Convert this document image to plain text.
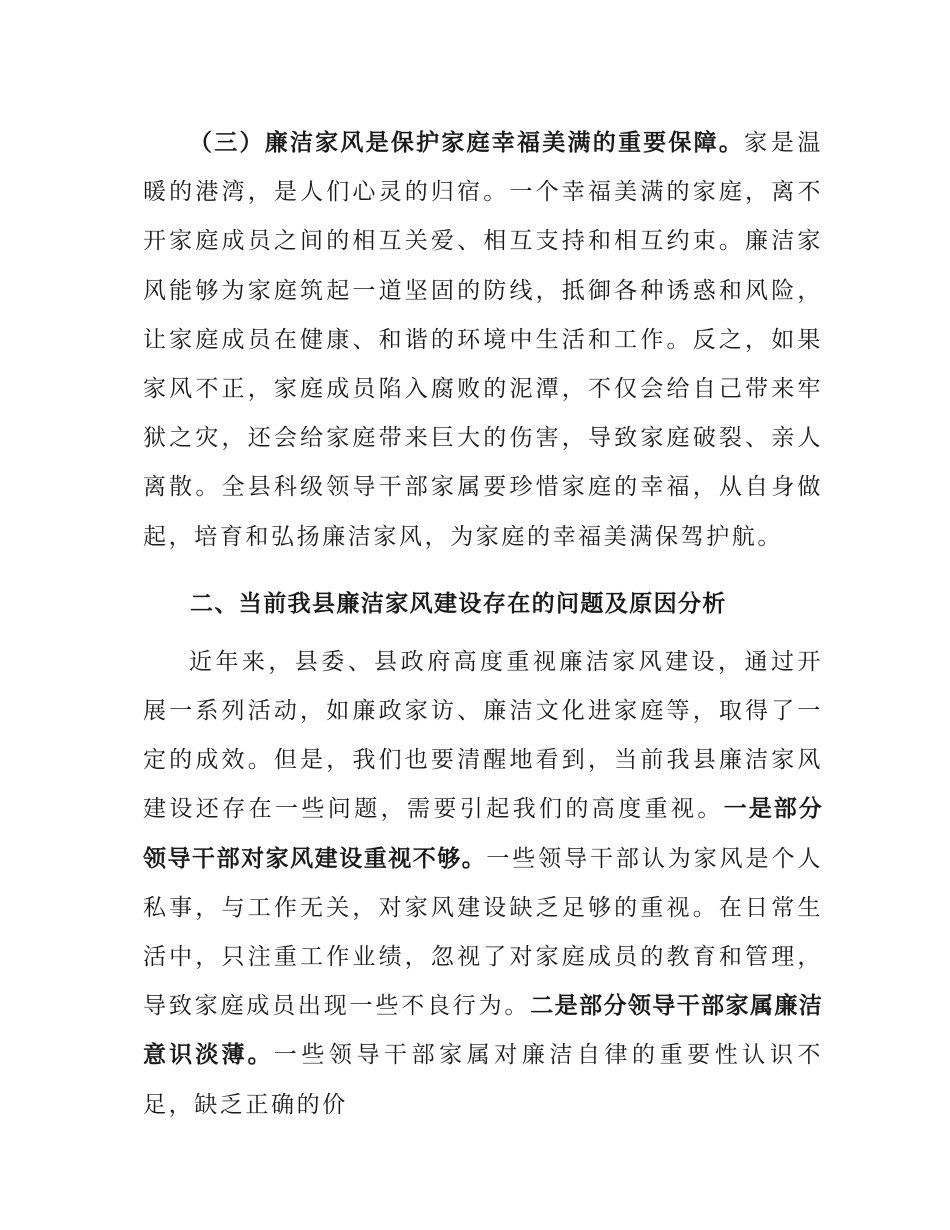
（三）廉洁家风是保护家庭幸福美满的重要保障。家是温暖的港湾，是人们心灵的归宿。一个幸福美满的家庭，离不开家庭成员之间的相互关爱、相互支持和相互约束。廉洁家风能够为家庭筑起一道坚固的防线，抵御各种诱惑和风险，让家庭成员在健康、和谐的环境中生活和工作。反之，如果家风不正，家庭成员陷入腐败的泥潭，不仅会给自己带来牢狱之灾，还会给家庭带来巨大的伤害，导致家庭破裂、亲人离散。全县科级领导干部家属要珍惜家庭的幸福，从自身做起，培育和弘扬廉洁家风，为家庭的幸福美满保驾护航。

二、当前我县廉洁家风建设存在的问题及原因分析

近年来，县委、县政府高度重视廉洁家风建设，通过开展一系列活动，如廉政家访、廉洁文化进家庭等，取得了一定的成效。但是，我们也要清醒地看到，当前我县廉洁家风建设还存在一些问题，需要引起我们的高度重视。一是部分领导干部对家风建设重视不够。一些领导干部认为家风是个人私事，与工作无关，对家风建设缺乏足够的重视。在日常生活中，只注重工作业绩，忽视了对家庭成员的教育和管理，导致家庭成员出现一些不良行为。二是部分领导干部家属廉洁意识淡薄。一些领导干部家属对廉洁自律的重要性认识不足，缺乏正确的价
